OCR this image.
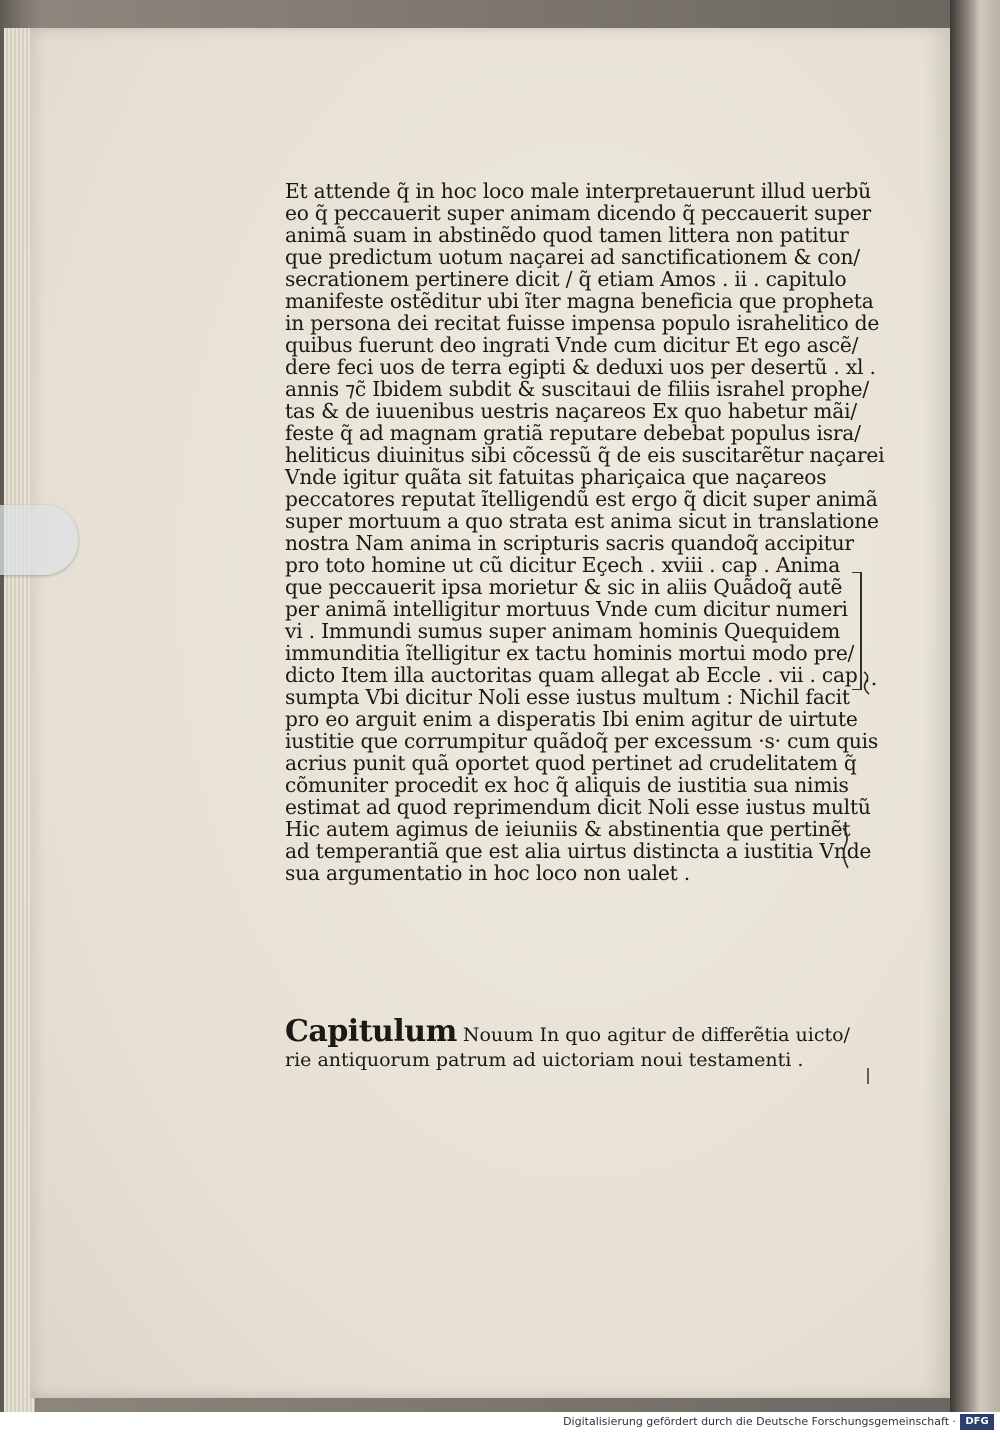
Et attende q̃ in hoc loco male interpretauerunt illud uerbũ
eo q̃ peccauerit super animam dicendo q̃ peccauerit super
animã suam in abstinẽdo quod tamen littera non patitur
que predictum uotum naçarei ad sanctificationem & con/
secrationem pertinere dicit / q̃ etiam Amos . ii . capitulo
manifeste ostẽditur ubi ĩter magna beneficia que propheta
in persona dei recitat fuisse impensa populo israhelitico de
quibus fuerunt deo ingrati Vnde cum dicitur Et ego ascẽ/
dere feci uos de terra egipti & deduxi uos per desertũ . xl .
annis ⁊c̃ Ibidem subdit & suscitaui de filiis israhel prophe/
tas & de iuuenibus uestris naçareos Ex quo habetur mãi/
feste q̃ ad magnam gratiã reputare debebat populus isra/
heliticus diuinitus sibi cõcessũ q̃ de eis suscitarẽtur naçarei
Vnde igitur quãta sit fatuitas phariçaica que naçareos
peccatores reputat ĩtelligendũ est ergo q̃ dicit super animã
super mortuum a quo strata est anima sicut in translatione
nostra Nam anima in scripturis sacris quandoq̃ accipitur
pro toto homine ut cũ dicitur Eçech . xviii . cap . Anima
que peccauerit ipsa morietur & sic in aliis Quãdoq̃ autẽ
per animã intelligitur mortuus Vnde cum dicitur numeri
vi . Immundi sumus super animam hominis Quequidem
immunditia ĩtelligitur ex tactu hominis mortui modo pre/
dicto Item illa auctoritas quam allegat ab Eccle . vii . cap .
sumpta Vbi dicitur Noli esse iustus multum : Nichil facit
pro eo arguit enim a disperatis Ibi enim agitur de uirtute
iustitie que corrumpitur quãdoq̃ per excessum ·s· cum quis
acrius punit quã oportet quod pertinet ad crudelitatem q̃
cõmuniter procedit ex hoc q̃ aliquis de iustitia sua nimis
estimat ad quod reprimendum dicit Noli esse iustus multũ
Hic autem agimus de ieiuniis & abstinentia que pertinẽt
ad temperantiã que est alia uirtus distincta a iustitia Vnde
sua argumentatio in hoc loco non ualet .
Capitulum Nouum In quo agitur de differẽtia uicto/
rie antiquorum patrum ad uictoriam noui testamenti .
Digitalisierung gefördert durch die Deutsche Forschungsgemeinschaft · DFG
